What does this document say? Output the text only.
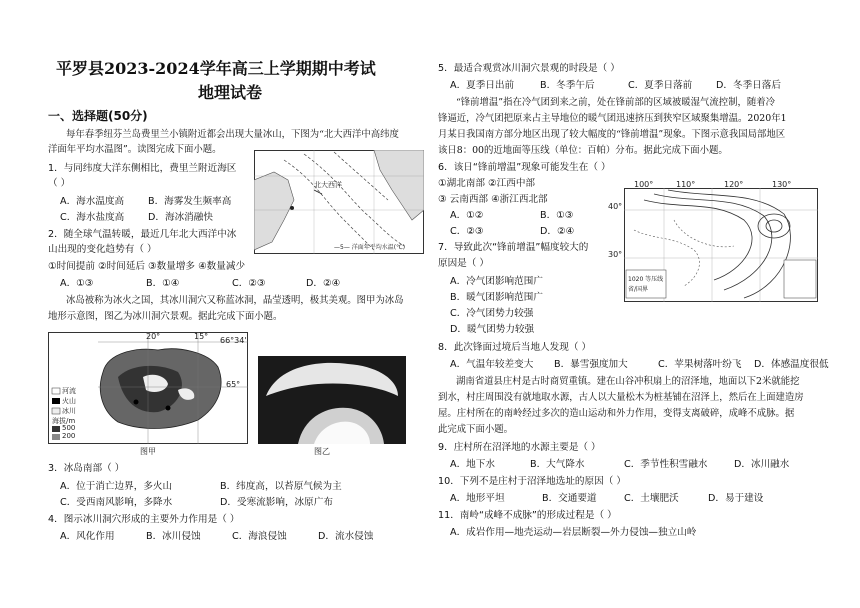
平罗县2023-2024学年高三上学期期中考试
地理试卷
一、选择题(50分)
每年春季纽芬兰岛费里兰小镇附近都会出现大量冰山，下图为“北大西洋中高纬度
洋面年平均水温图”。读图完成下面小题。
1．与同纬度大洋东侧相比，费里兰附近海区
（ ）
A．海水温度高 B．海雾发生频率高
C．海水盐度高 D．海冰消融快
2．随全球气温转暖，最近几年北大西洋中冰
山出现的变化趋势有（ ）
①时间提前 ②时间延后 ③数量增多 ④数量减少
A．①③	B．①④	C．②③	D．②④
冰岛被称为冰火之国，其冰川洞穴又称蓝冰洞，晶莹透明，极其美观。图甲为冰岛
地形示意图，图乙为冰川洞穴景观。据此完成下面小题。
北大西洋
—5— 洋面年平均水温(℃)
20°	15° 66°34'
65°
河流
火山
冰川
海拔/m
500
200
图甲	图乙
3．冰岛南部（ ）
A．位于消亡边界，多火山	B．纬度高，以苔原气候为主
C．受西南风影响，多降水	D．受寒流影响，冰原广布
4．图示冰川洞穴形成的主要外力作用是（ ）
A．风化作用	B．冰川侵蚀	C．海浪侵蚀	D．流水侵蚀
5．最适合观赏冰川洞穴景观的时段是（ ）
A．夏季日出前	B．冬季午后	C．夏季日落前 D．冬季日落后
“锋前增温”指在冷气团到来之前，处在锋前部的区域被暖湿气流控制，随着冷
锋逼近，冷气团把原来占主导地位的暖气团迅速挤压到狭窄区域聚集增温。2020年1
月某日我国南方部分地区出现了较大幅度的“锋前增温”现象。下图示意我国局部地区
该日8：00的近地面等压线（单位：百帕）分布。据此完成下面小题。
6．该日“锋前增温”现象可能发生在（ ）
①湖北南部 ②江西中部
③ 云南西部 ④浙江西北部
A．①②	B．①③
C．②③	D．②④
7．导致此次“锋前增温”幅度较大的
原因是（ ）
A．冷气团影响范围广
B．暖气团影响范围广
C．冷气团势力较强
D．暖气团势力较强
100°	110°	120°	130°
40°
30°
1020 等压线
省/国界
8．此次锋面过境后当地人发现（ ）
A．气温年较差变大 B．暴雪强度加大	C．苹果树落叶纷飞 D．体感温度很低
湖南省道县庄村是古时商贸重镇。建在山谷冲积扇上的沼泽地，地面以下2米就能挖
到水，村庄周围没有就地取水源，古人以大量松木为桩基铺在沼泽上，然后在上面建造房
屋。庄村所在的南岭经过多次的造山运动和外力作用，变得支离破碎，成峰不成脉。据
此完成下面小题。
9．庄村所在沼泽地的水源主要是（ ）
A．地下水	B．大气降水	C．季节性积雪融水	D．冰川融水
10．下列不是庄村于沼泽地选址的原因（ ）
A．地形平坦	B．交通要道	C．土壤肥沃	D．易于建设
11．南岭“成峰不成脉”的形成过程是（ ）
A．成岩作用—地壳运动—岩层断裂—外力侵蚀—独立山岭
